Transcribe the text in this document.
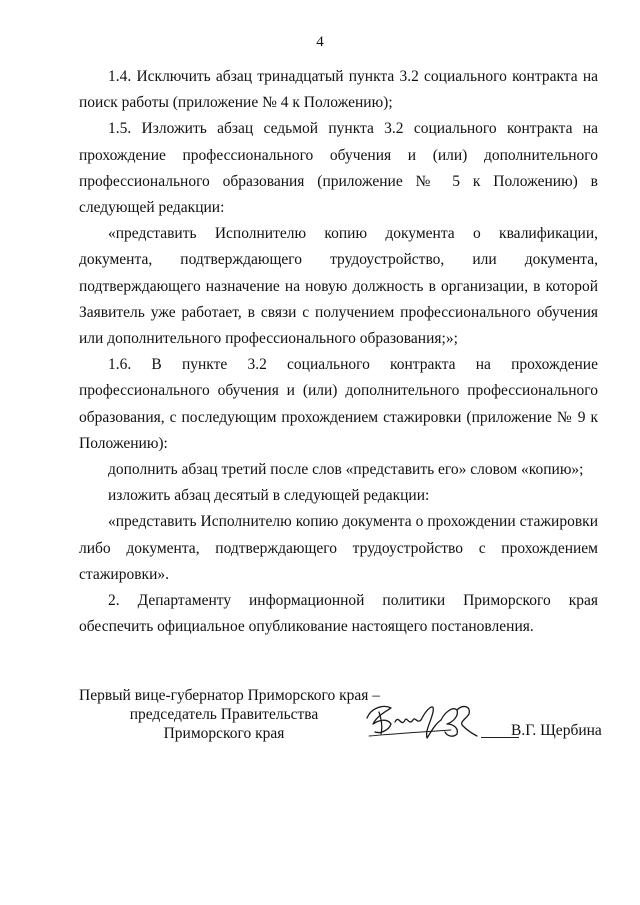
4

1.4. Исключить абзац тринадцатый пункта 3.2 социального контракта на поиск работы (приложение № 4 к Положению);

1.5. Изложить абзац седьмой пункта 3.2 социального контракта на прохождение профессионального обучения и (или) дополнительного профессионального образования (приложение № 5 к Положению) в следующей редакции:

«представить Исполнителю копию документа о квалификации, документа, подтверждающего трудоустройство, или документа, подтверждающего назначение на новую должность в организации, в которой Заявитель уже работает, в связи с получением профессионального обучения или дополнительного профессионального образования;»;

1.6. В пункте 3.2 социального контракта на прохождение профессионального обучения и (или) дополнительного профессионального образования, с последующим прохождением стажировки (приложение № 9 к Положению):

дополнить абзац третий после слов «представить его» словом «копию»;

изложить абзац десятый в следующей редакции:

«представить Исполнителю копию документа о прохождении стажировки либо документа, подтверждающего трудоустройство с прохождением стажировки».

2. Департаменту информационной политики Приморского края обеспечить официальное опубликование настоящего постановления.

Первый вице-губернатор Приморского края –
председатель Правительства
Приморского края	В.Г. Щербина
